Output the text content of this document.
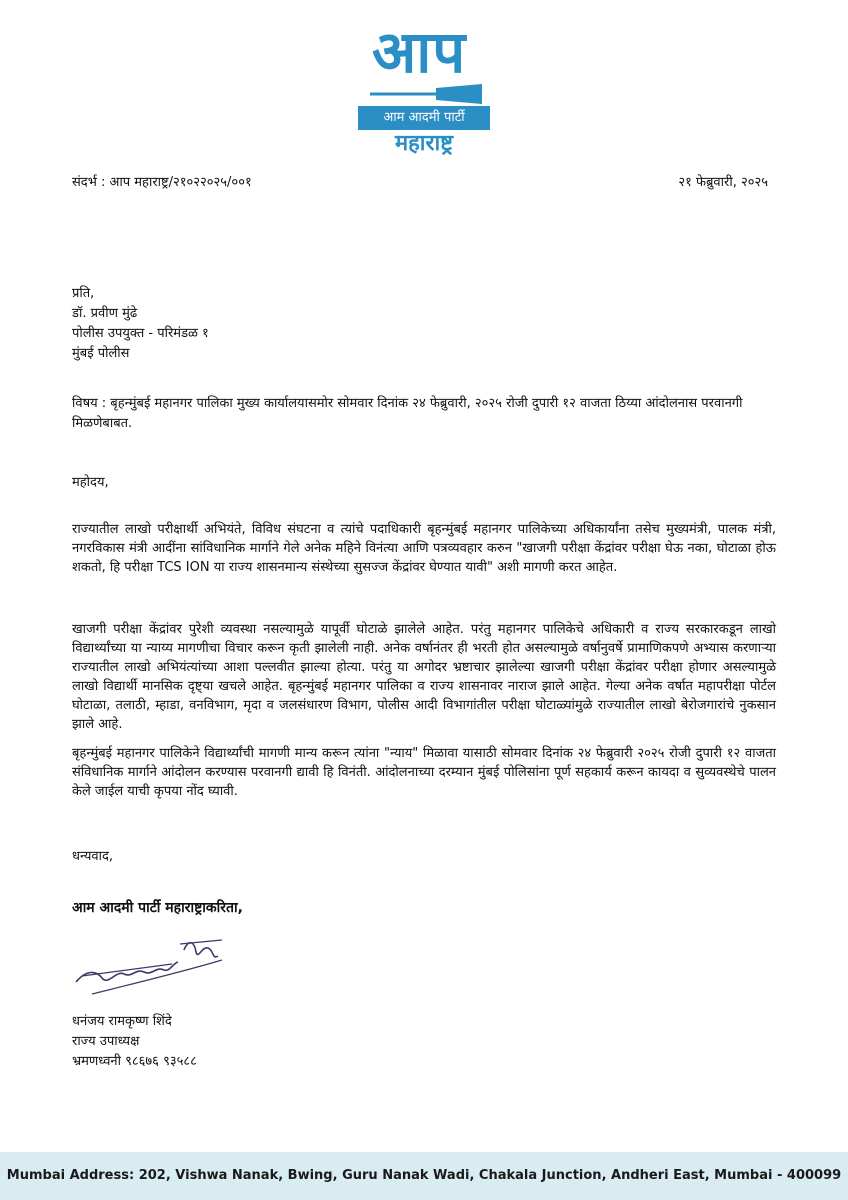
आप
आम आदमी पार्टी
महाराष्ट्र
संदर्भ : आप महाराष्ट्र/२१०२२०२५/००१	२१ फेब्रुवारी, २०२५
प्रति,
डॉ. प्रवीण मुंढे
पोलीस उपयुक्त - परिमंडळ १
मुंबई पोलीस
विषय : बृहन्मुंबई महानगर पालिका मुख्य कार्यालयासमोर सोमवार दिनांक २४ फेब्रुवारी, २०२५ रोजी दुपारी १२ वाजता ठिय्या आंदोलनास परवानगी मिळणेबाबत.
महोदय,
राज्यातील लाखो परीक्षार्थी अभियंते, विविध संघटना व त्यांचे पदाधिकारी बृहन्मुंबई महानगर पालिकेच्या अधिकार्यांना तसेच मुख्यमंत्री, पालक मंत्री, नगरविकास मंत्री आदींना सांविधानिक मार्गाने गेले अनेक महिने विनंत्या आणि पत्रव्यवहार करुन "खाजगी परीक्षा केंद्रांवर परीक्षा घेऊ नका, घोटाळा होऊ शकतो, हि परीक्षा TCS ION या राज्य शासनमान्य संस्थेच्या सुसज्ज केंद्रांवर घेण्यात यावी" अशी मागणी करत आहेत.
खाजगी परीक्षा केंद्रांवर पुरेशी व्यवस्था नसल्यामुळे यापूर्वी घोटाळे झालेले आहेत. परंतु महानगर पालिकेचे अधिकारी व राज्य सरकारकडून लाखो विद्यार्थ्यांच्या या न्याय्य मागणीचा विचार करून कृती झालेली नाही. अनेक वर्षानंतर ही भरती होत असल्यामुळे वर्षानुवर्षे प्रामाणिकपणे अभ्यास करणाऱ्या राज्यातील लाखो अभियंत्यांच्या आशा पल्लवीत झाल्या होत्या. परंतु या अगोदर भ्रष्टाचार झालेल्या खाजगी परीक्षा केंद्रांवर परीक्षा होणार असल्यामुळे लाखो विद्यार्थी मानसिक दृष्ट्या खचले आहेत. बृहन्मुंबई महानगर पालिका व राज्य शासनावर नाराज झाले आहेत. गेल्या अनेक वर्षात महापरीक्षा पोर्टल घोटाळा, तलाठी, म्हाडा, वनविभाग, मृदा व जलसंधारण विभाग, पोलीस आदी विभागांतील परीक्षा घोटाळ्यांमुळे राज्यातील लाखो बेरोजगारांचे नुकसान झाले आहे.
बृहन्मुंबई महानगर पालिकेने विद्यार्थ्यांची मागणी मान्य करून त्यांना "न्याय" मिळावा यासाठी सोमवार दिनांक २४ फेब्रुवारी २०२५ रोजी दुपारी १२ वाजता संविधानिक मार्गाने आंदोलन करण्यास परवानगी द्यावी हि विनंती. आंदोलनाच्या दरम्यान मुंबई पोलिसांना पूर्ण सहकार्य करून कायदा व सुव्यवस्थेचे पालन केले जाईल याची कृपया नोंद घ्यावी.
धन्यवाद,
आम आदमी पार्टी महाराष्ट्राकरिता,
धनंजय रामकृष्ण शिंदे
राज्य उपाध्यक्ष
भ्रमणध्वनी ९८६७६ ९३५८८
Mumbai Address: 202, Vishwa Nanak, Bwing, Guru Nanak Wadi, Chakala Junction, Andheri East, Mumbai - 400099
